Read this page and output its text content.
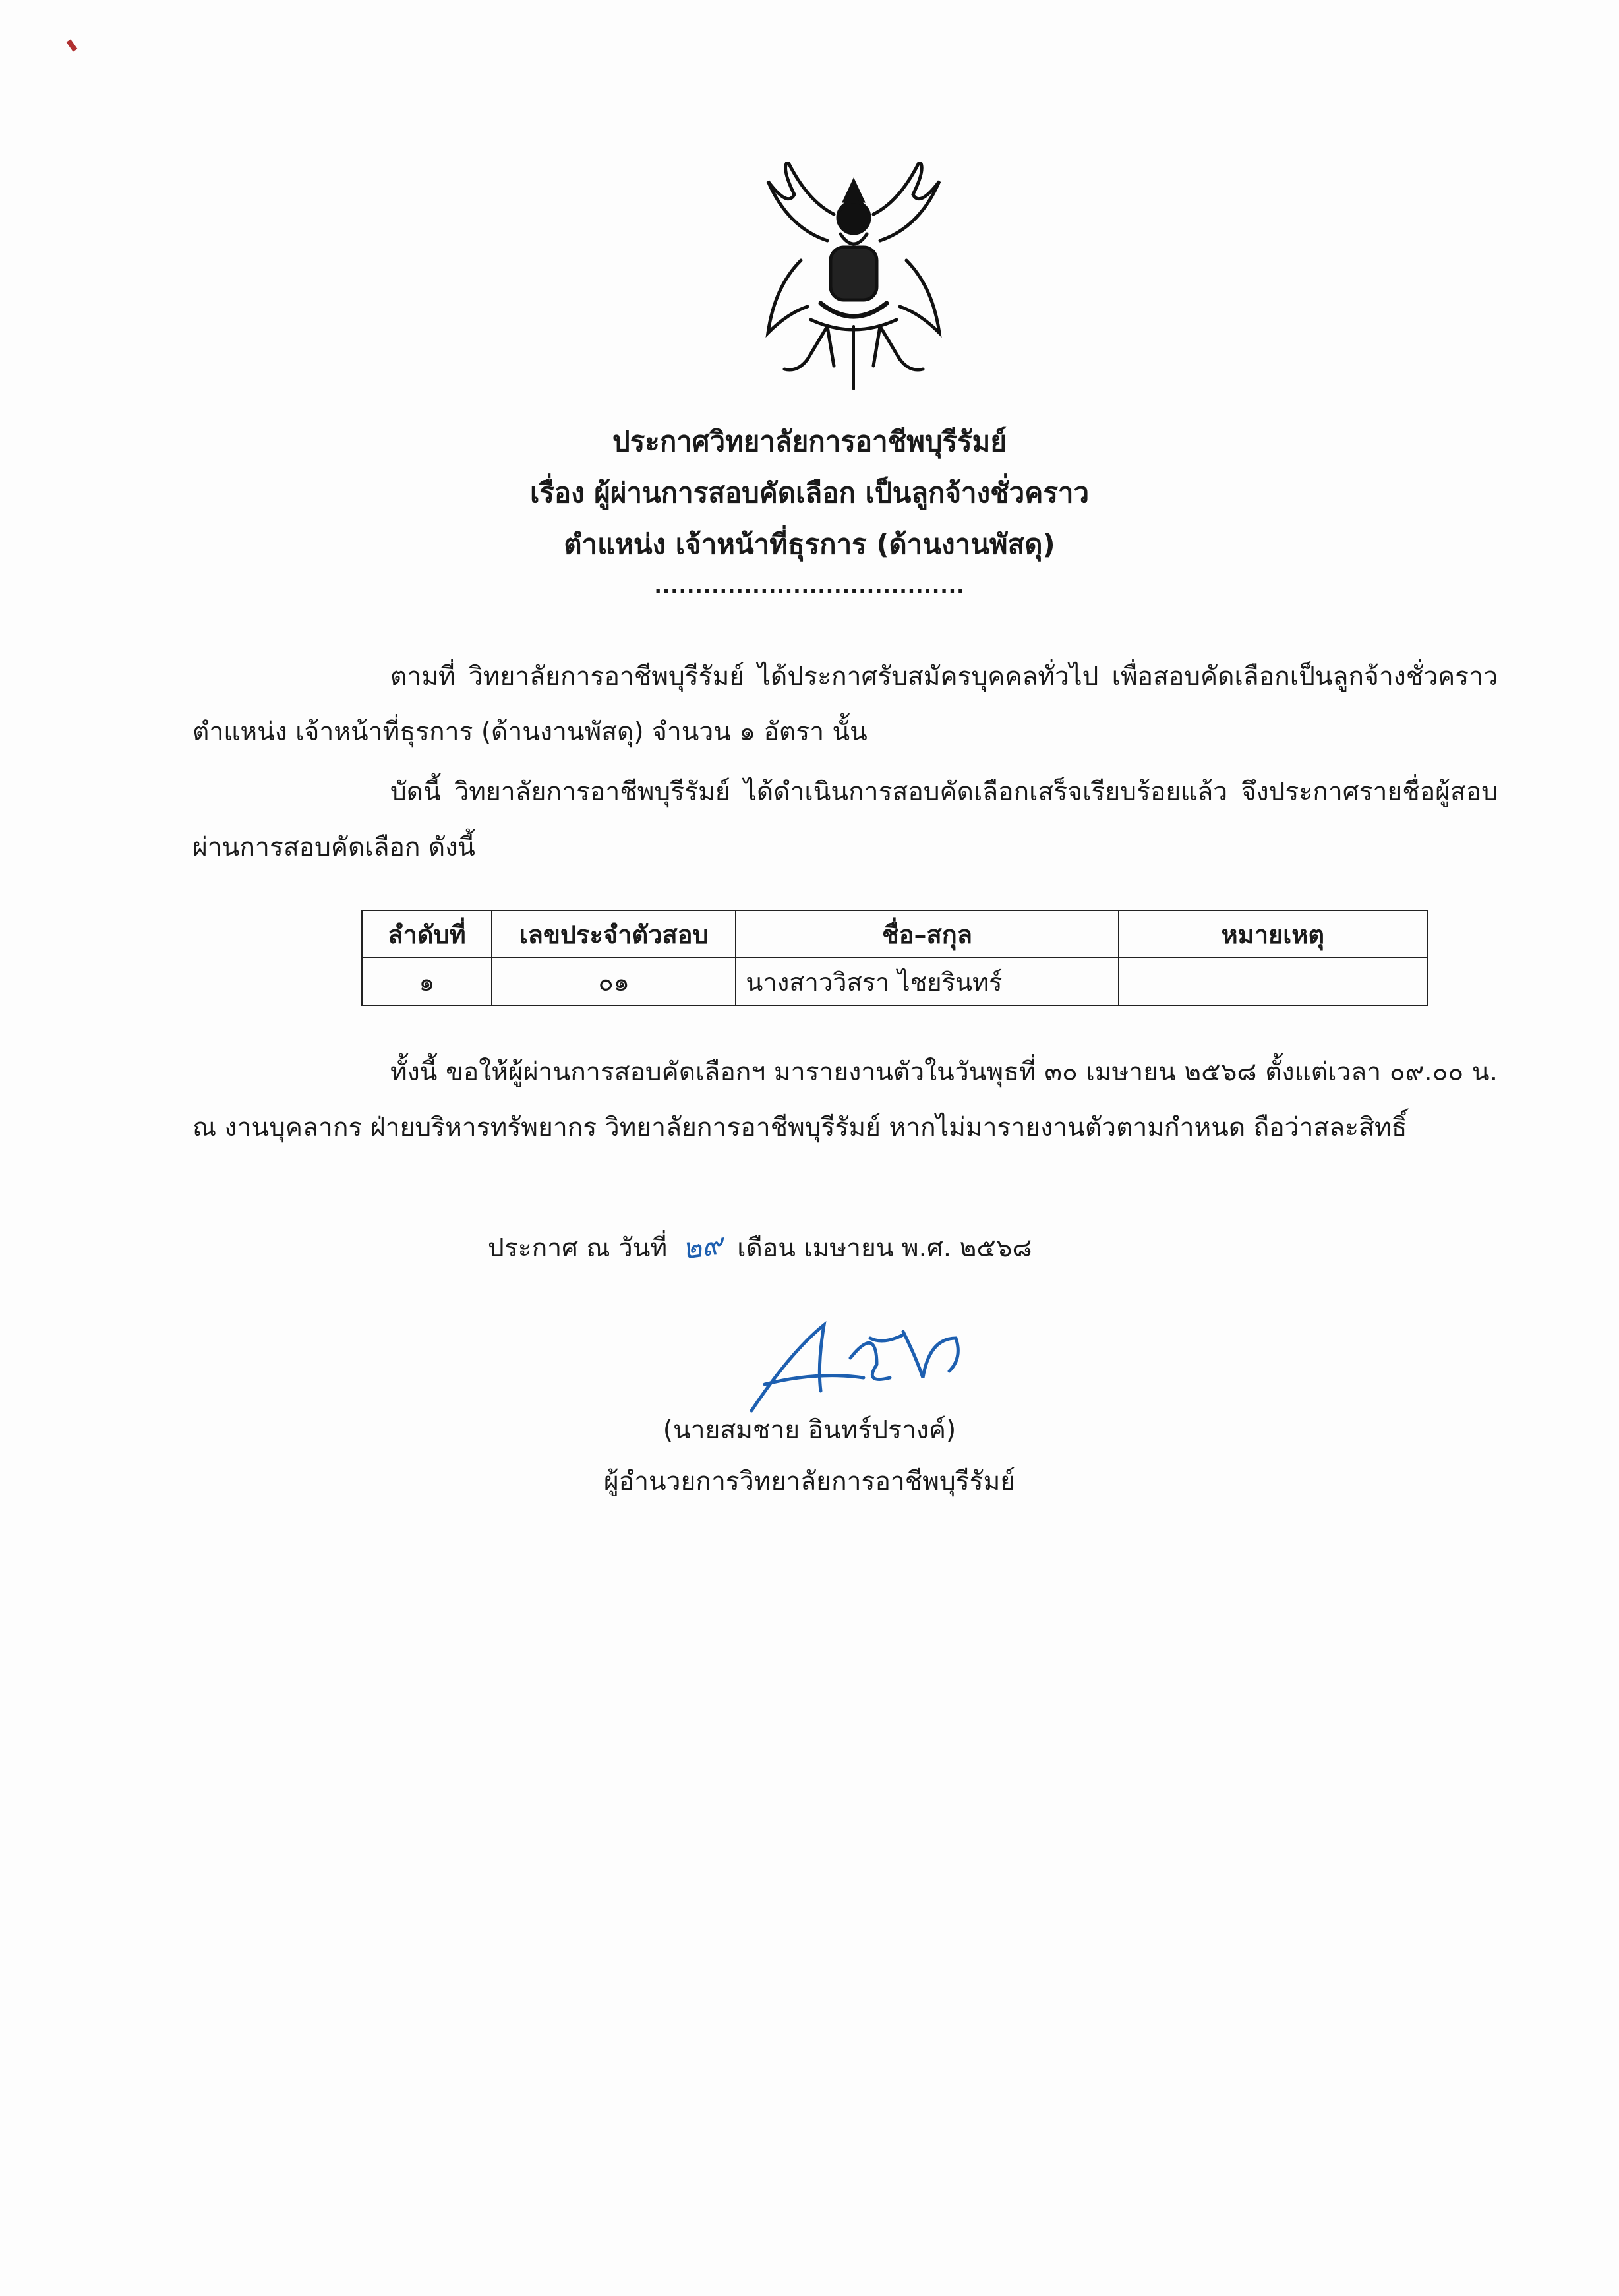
ประกาศวิทยาลัยการอาชีพบุรีรัมย์
เรื่อง ผู้ผ่านการสอบคัดเลือก เป็นลูกจ้างชั่วคราว
ตำแหน่ง เจ้าหน้าที่ธุรการ (ด้านงานพัสดุ)
......................................
ตามที่ วิทยาลัยการอาชีพบุรีรัมย์ ได้ประกาศรับสมัครบุคคลทั่วไป เพื่อสอบคัดเลือกเป็นลูกจ้างชั่วคราว ตำแหน่ง เจ้าหน้าที่ธุรการ (ด้านงานพัสดุ) จำนวน ๑ อัตรา นั้น
บัดนี้ วิทยาลัยการอาชีพบุรีรัมย์ ได้ดำเนินการสอบคัดเลือกเสร็จเรียบร้อยแล้ว จึงประกาศรายชื่อผู้สอบผ่านการสอบคัดเลือก ดังนี้
ลำดับที่	เลขประจำตัวสอบ	ชื่อ–สกุล	หมายเหตุ
๑	๐๑	นางสาววิสรา ไชยรินทร์	
ทั้งนี้ ขอให้ผู้ผ่านการสอบคัดเลือกฯ มารายงานตัวในวันพุธที่ ๓๐ เมษายน ๒๕๖๘ ตั้งแต่เวลา ๐๙.๐๐ น. ณ งานบุคลากร ฝ่ายบริหารทรัพยากร วิทยาลัยการอาชีพบุรีรัมย์ หากไม่มารายงานตัวตามกำหนด ถือว่าสละสิทธิ์
ประกาศ ณ วันที่ ๒๙ เดือน เมษายน พ.ศ. ๒๕๖๘
(นายสมชาย อินทร์ปรางค์)
ผู้อำนวยการวิทยาลัยการอาชีพบุรีรัมย์
